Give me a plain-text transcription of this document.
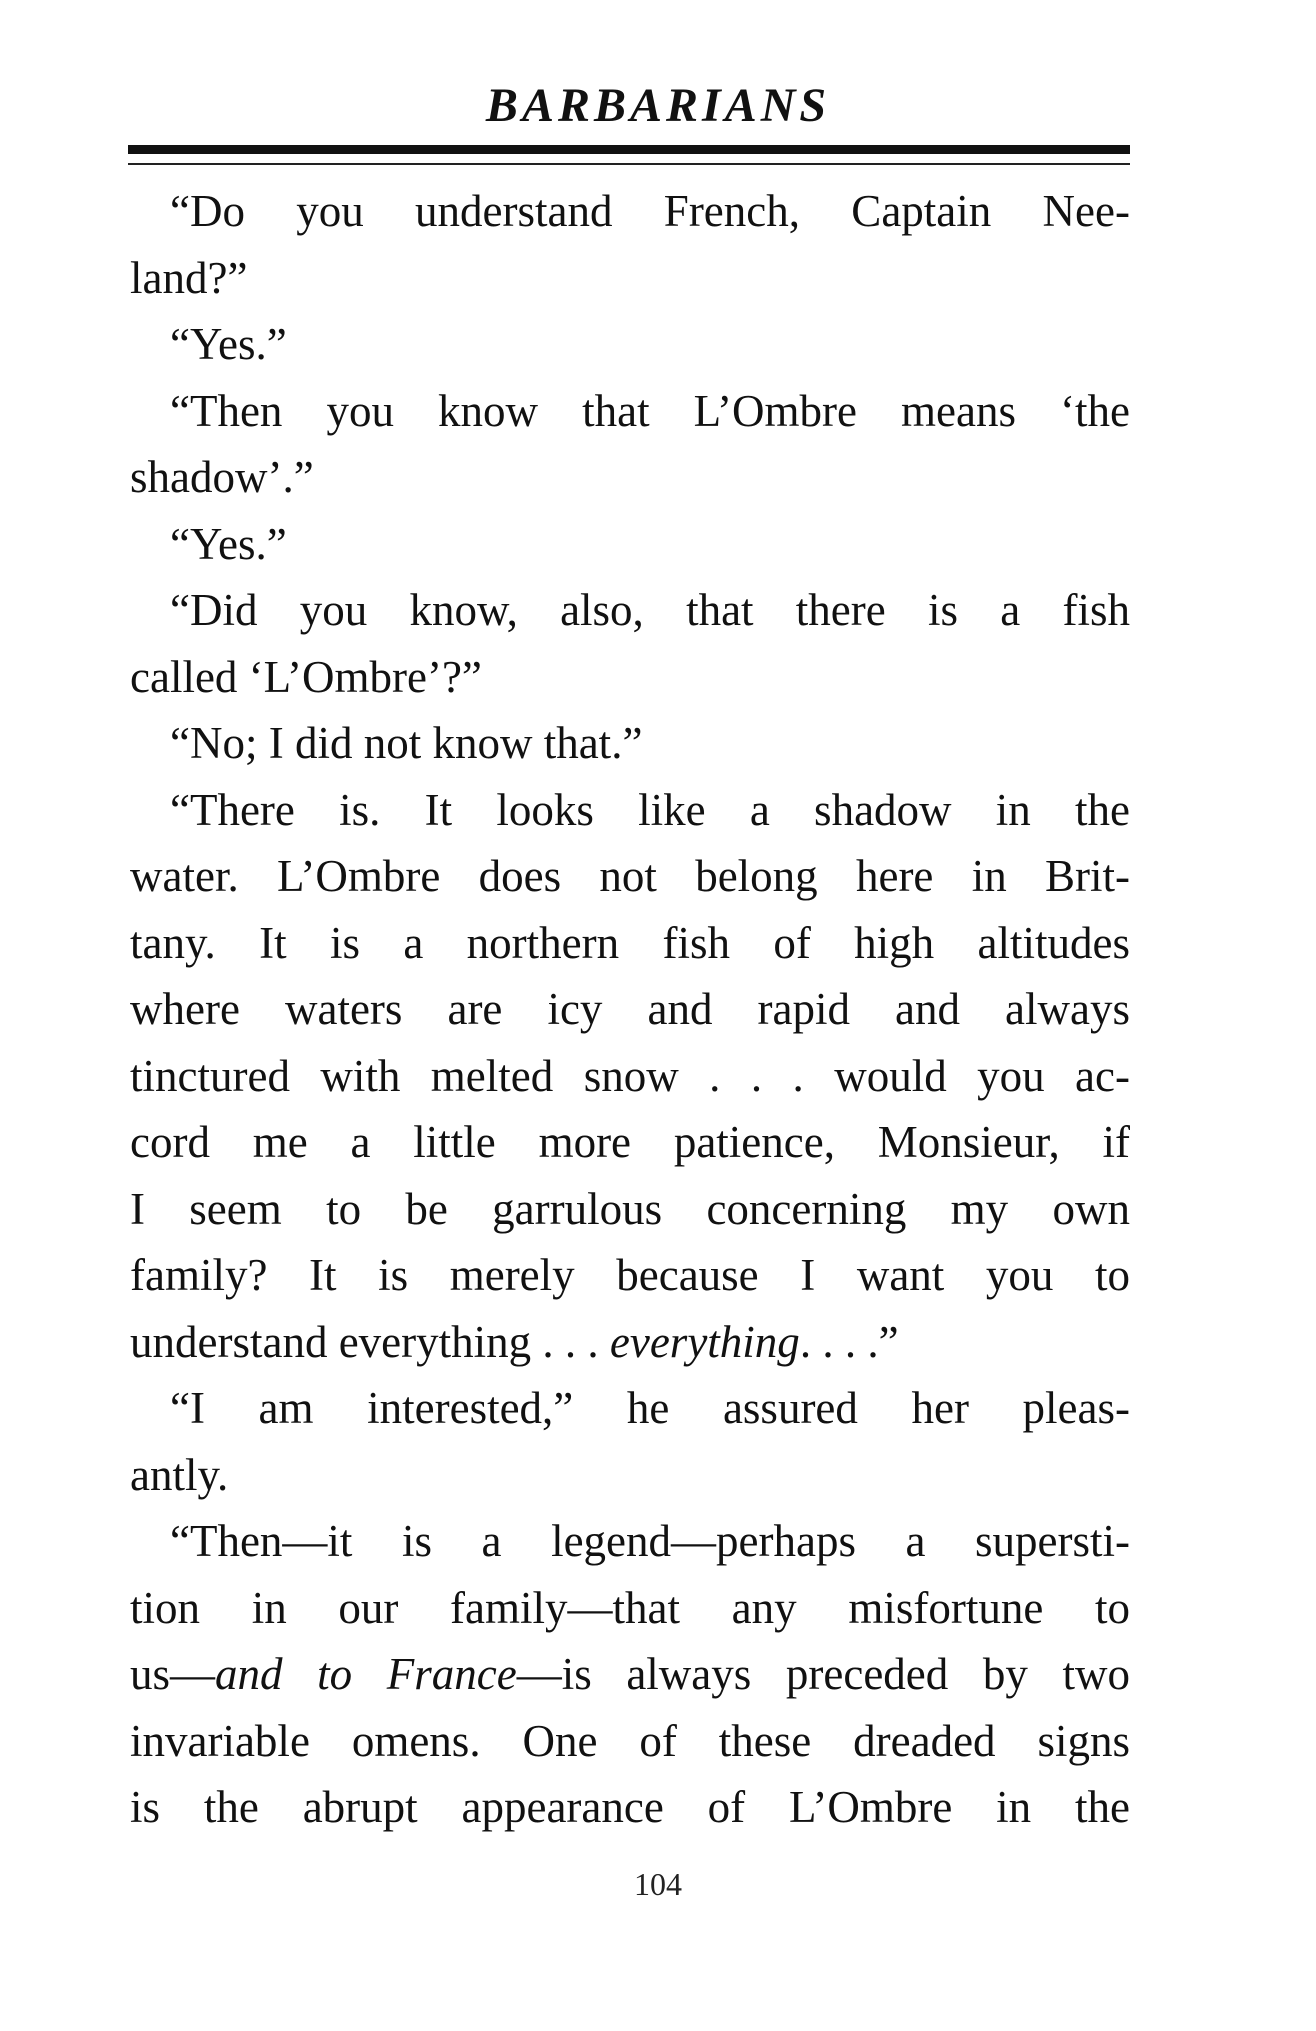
BARBARIANS
“Do you understand French, Captain Nee-
land?”
“Yes.”
“Then you know that L’Ombre means ‘the
shadow’.”
“Yes.”
“Did you know, also, that there is a fish
called ‘L’Ombre’?”
“No; I did not know that.”
“There is. It looks like a shadow in the
water. L’Ombre does not belong here in Brit-
tany. It is a northern fish of high altitudes
where waters are icy and rapid and always
tinctured with melted snow . . . would you ac-
cord me a little more patience, Monsieur, if
I seem to be garrulous concerning my own
family? It is merely because I want you to
understand everything . . . everything. . . .”
“I am interested,” he assured her pleas-
antly.
“Then—it is a legend—perhaps a supersti-
tion in our family—that any misfortune to
us—and to France—is always preceded by two
invariable omens. One of these dreaded signs
is the abrupt appearance of L’Ombre in the
104
